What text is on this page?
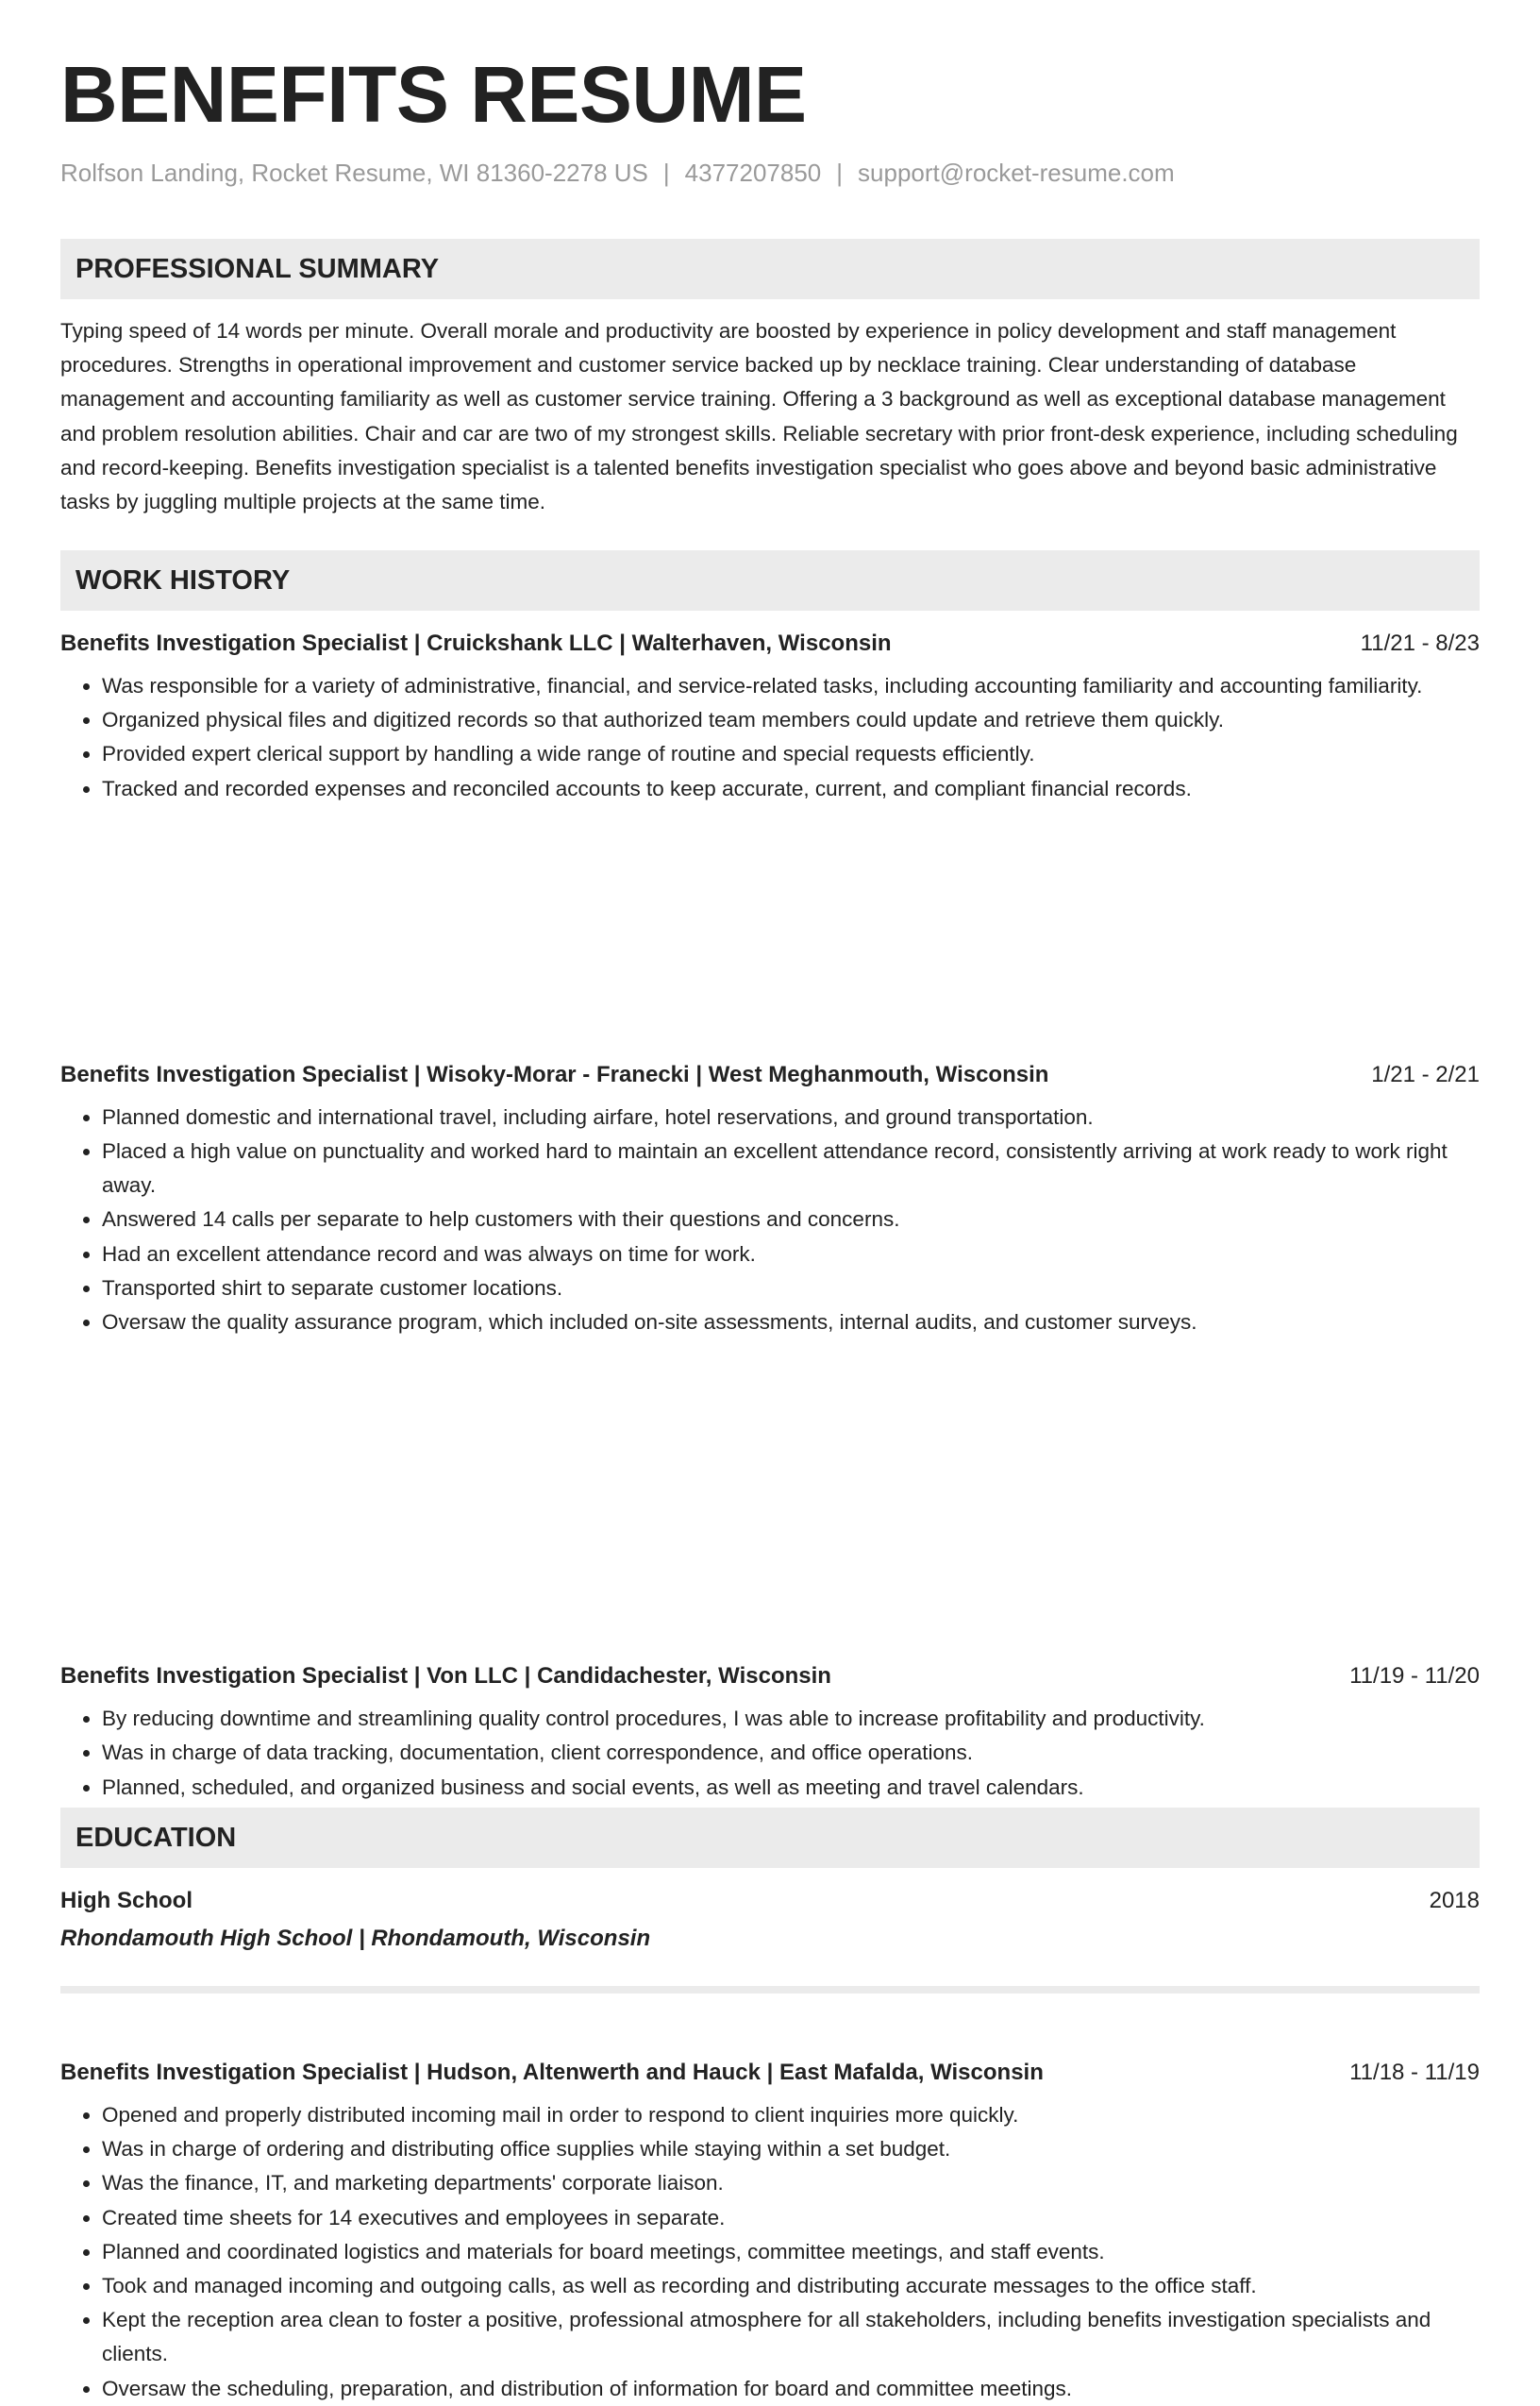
BENEFITS RESUME
Rolfson Landing, Rocket Resume, WI 81360-2278 US | 4377207850 | support@rocket-resume.com
PROFESSIONAL SUMMARY
Typing speed of 14 words per minute. Overall morale and productivity are boosted by experience in policy development and staff management procedures. Strengths in operational improvement and customer service backed up by necklace training. Clear understanding of database management and accounting familiarity as well as customer service training. Offering a 3 background as well as exceptional database management and problem resolution abilities. Chair and car are two of my strongest skills. Reliable secretary with prior front-desk experience, including scheduling and record-keeping. Benefits investigation specialist is a talented benefits investigation specialist who goes above and beyond basic administrative tasks by juggling multiple projects at the same time.
WORK HISTORY
Benefits Investigation Specialist | Cruickshank LLC | Walterhaven, Wisconsin	11/21 - 8/23
• Was responsible for a variety of administrative, financial, and service-related tasks, including accounting familiarity and accounting familiarity.
• Organized physical files and digitized records so that authorized team members could update and retrieve them quickly.
• Provided expert clerical support by handling a wide range of routine and special requests efficiently.
• Tracked and recorded expenses and reconciled accounts to keep accurate, current, and compliant financial records.
Benefits Investigation Specialist | Wisoky-Morar - Franecki | West Meghanmouth, Wisconsin	1/21 - 2/21
• Planned domestic and international travel, including airfare, hotel reservations, and ground transportation.
• Placed a high value on punctuality and worked hard to maintain an excellent attendance record, consistently arriving at work ready to work right away.
• Answered 14 calls per separate to help customers with their questions and concerns.
• Had an excellent attendance record and was always on time for work.
• Transported shirt to separate customer locations.
• Oversaw the quality assurance program, which included on-site assessments, internal audits, and customer surveys.
Benefits Investigation Specialist | Von LLC | Candidachester, Wisconsin	11/19 - 11/20
• By reducing downtime and streamlining quality control procedures, I was able to increase profitability and productivity.
• Was in charge of data tracking, documentation, client correspondence, and office operations.
• Planned, scheduled, and organized business and social events, as well as meeting and travel calendars.
•
Benefits Investigation Specialist | Hudson, Altenwerth and Hauck | East Mafalda, Wisconsin	11/18 - 11/19
• Opened and properly distributed incoming mail in order to respond to client inquiries more quickly.
• Was in charge of ordering and distributing office supplies while staying within a set budget.
• Was the finance, IT, and marketing departments' corporate liaison.
• Created time sheets for 14 executives and employees in separate.
• Planned and coordinated logistics and materials for board meetings, committee meetings, and staff events.
• Took and managed incoming and outgoing calls, as well as recording and distributing accurate messages to the office staff.
• Kept the reception area clean to foster a positive, professional atmosphere for all stakeholders, including benefits investigation specialists and clients.
• Oversaw the scheduling, preparation, and distribution of information for board and committee meetings.
EDUCATION
High School	2018
Rhondamouth High School | Rhondamouth, Wisconsin
